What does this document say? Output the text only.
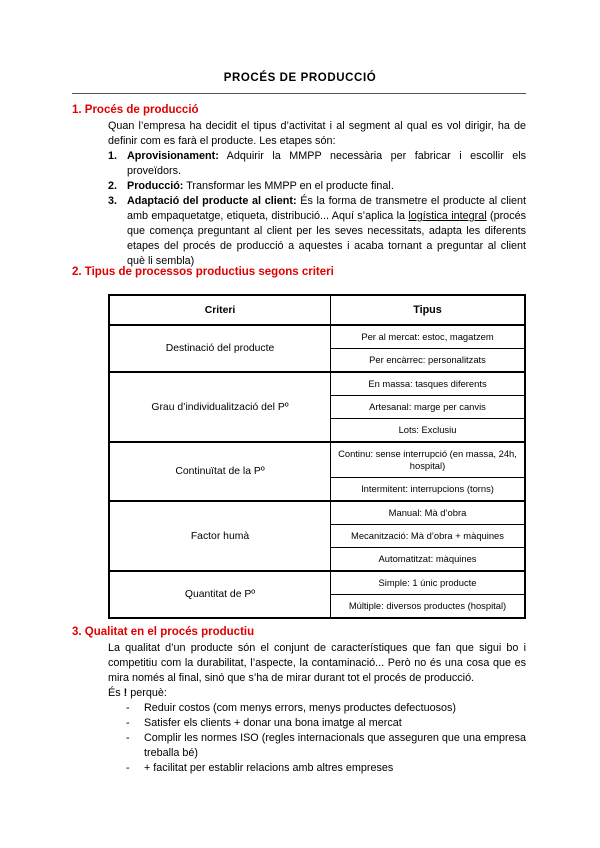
PROCÉS DE PRODUCCIÓ
1. Procés de producció
Quan l’empresa ha decidit el tipus d’activitat i al segment al qual es vol dirigir, ha de definir com es farà el producte. Les etapes són:
1. Aprovisionament: Adquirir la MMPP necessària per fabricar i escollir els proveïdors.
2. Producció: Transformar les MMPP en el producte final.
3. Adaptació del producte al client: És la forma de transmetre el producte al client amb empaquetatge, etiqueta, distribució... Aquí s’aplica la logística integral (procés que comença preguntant al client per les seves necessitats, adapta les diferents etapes del procés de producció a aquestes i acaba tornant a preguntar al client què li sembla)
2. Tipus de processos productius segons criteri
Criteri	Tipus
Destinació del producte	Per al mercat: estoc, magatzem
	Per encàrrec: personalitzats
Grau d’individualització del Pº	En massa: tasques diferents
	Artesanal: marge per canvis
	Lots: Exclusiu
Continuïtat de la Pº	Continu: sense interrupció (en massa, 24h, hospital)
	Intermitent: interrupcions (torns)
Factor humà	Manual: Mà d’obra
	Mecanització: Mà d’obra + màquines
	Automatitzat: màquines
Quantitat de Pº	Simple: 1 únic producte
	Múltiple: diversos productes (hospital)
3. Qualitat en el procés productiu
La qualitat d’un producte són el conjunt de característiques que fan que sigui bo i competitiu com la durabilitat, l’aspecte, la contaminació... Però no és una cosa que es mira només al final, sinó que s’ha de mirar durant tot el procés de producció.
És ! perquè:
- Reduir costos (com menys errors, menys productes defectuosos)
- Satisfer els clients + donar una bona imatge al mercat
- Complir les normes ISO (regles internacionals que asseguren que una empresa treballa bé)
- + facilitat per establir relacions amb altres empreses
